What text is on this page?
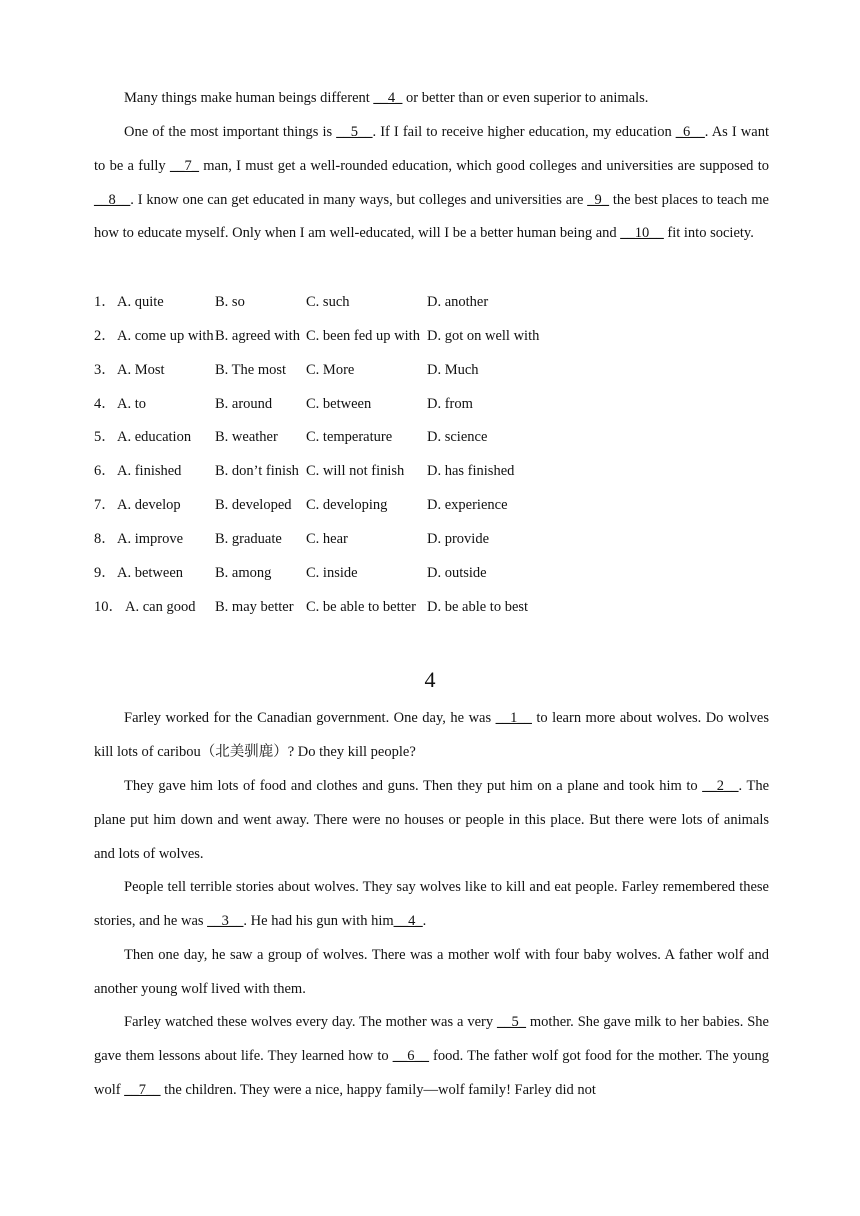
Many things make human beings different __4_ or better than or even superior to animals.

One of the most important things is __5__. If I fail to receive higher education, my education _6__. As I want to be a fully __7_ man, I must get a well-rounded education, which good colleges and universities are supposed to __8__. I know one can get educated in many ways, but colleges and universities are _9_ the best places to teach me how to educate myself. Only when I am well-educated, will I be a better human being and __10__ fit into society.

1． A. quite	B. so	C. such	D. another
2． A. come up with B. agreed with C. been fed up with D. got on well with
3． A. Most	B. The most C. More	D. Much
4． A. to	B. around C. between	D. from
5． A. education B. weather C. temperature D. science
6． A. finished B. don’t finish C. will not finish D. has finished
7． A. develop B. developed C. developing	D. experience
8． A. improve B. graduate C. hear	D. provide
9． A. between B. among C. inside	D. outside
10． A. can good B. may better C. be able to better D. be able to best
4

Farley worked for the Canadian government. One day, he was __1__ to learn more about wolves. Do wolves kill lots of caribou（北美驯鹿）? Do they kill people?

They gave him lots of food and clothes and guns. Then they put him on a plane and took him to __2__. The plane put him down and went away. There were no houses or people in this place. But there were lots of animals and lots of wolves.

People tell terrible stories about wolves. They say wolves like to kill and eat people. Farley remembered these stories, and he was __3__. He had his gun with him__4_.

Then one day, he saw a group of wolves. There was a mother wolf with four baby wolves. A father wolf and another young wolf lived with them.

Farley watched these wolves every day. The mother was a very __5_ mother. She gave milk to her babies. She gave them lessons about life. They learned how to __6__ food. The father wolf got food for the mother. The young wolf __7__ the children. They were a nice, happy family—wolf family! Farley did not
